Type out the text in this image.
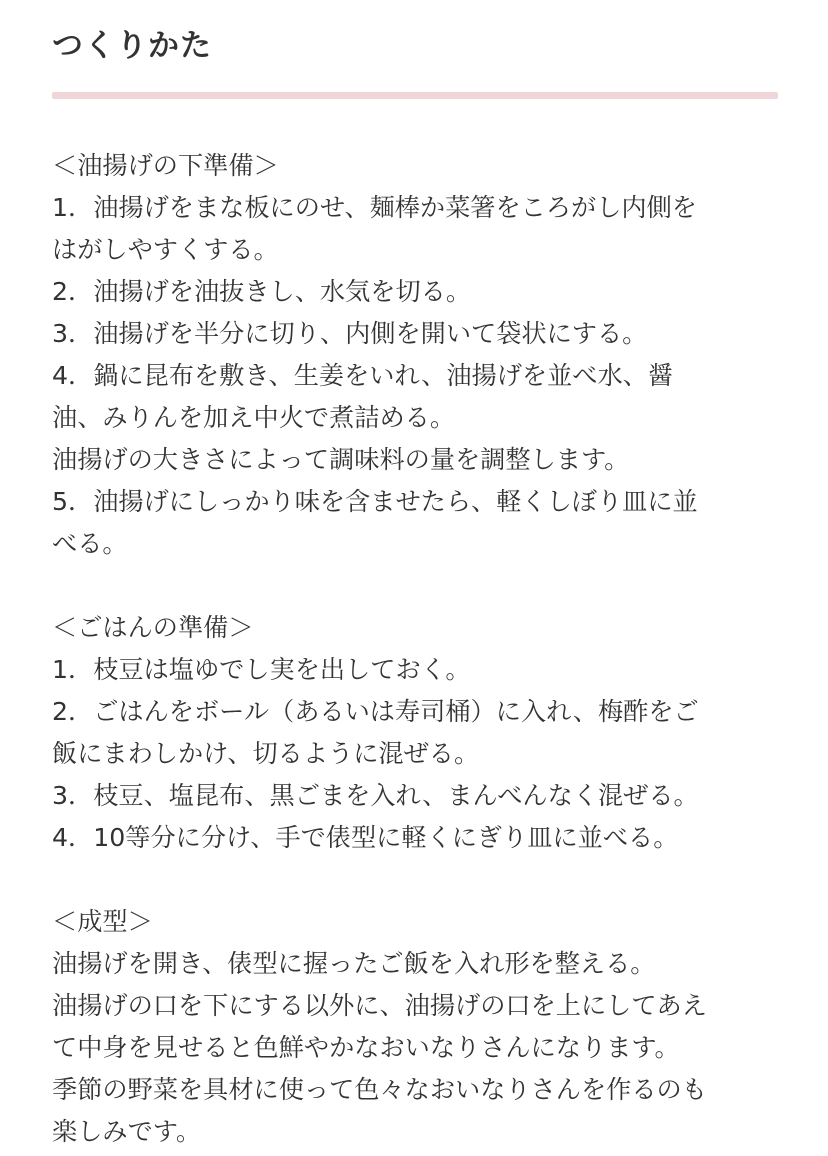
つくりかた
＜油揚げの下準備＞
1．油揚げをまな板にのせ、麺棒か菜箸をころがし内側を
はがしやすくする。
2．油揚げを油抜きし、水気を切る。
3．油揚げを半分に切り、内側を開いて袋状にする。
4．鍋に昆布を敷き、生姜をいれ、油揚げを並べ水、醤
油、みりんを加え中火で煮詰める。
油揚げの大きさによって調味料の量を調整します。
5．油揚げにしっかり味を含ませたら、軽くしぼり皿に並
べる。
＜ごはんの準備＞
1．枝豆は塩ゆでし実を出しておく。
2．ごはんをボール（あるいは寿司桶）に入れ、梅酢をご
飯にまわしかけ、切るように混ぜる。
3．枝豆、塩昆布、黒ごまを入れ、まんべんなく混ぜる。
4．10等分に分け、手で俵型に軽くにぎり皿に並べる。
＜成型＞
油揚げを開き、俵型に握ったご飯を入れ形を整える。
油揚げの口を下にする以外に、油揚げの口を上にしてあえ
て中身を見せると色鮮やかなおいなりさんになります。
季節の野菜を具材に使って色々なおいなりさんを作るのも
楽しみです。
